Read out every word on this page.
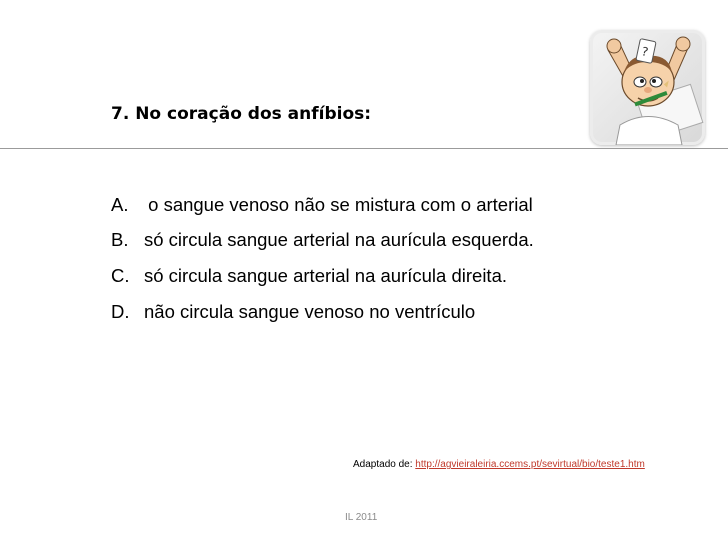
?
7. No coração dos anfíbios:
A. o sangue venoso não se mistura com o arterial
B. só circula sangue arterial na aurícula esquerda.
C. só circula sangue arterial na aurícula direita.
D. não circula sangue venoso no ventrículo
Adaptado de: http://agvieiraleiria.ccems.pt/sevirtual/bio/teste1.htm
IL 2011
